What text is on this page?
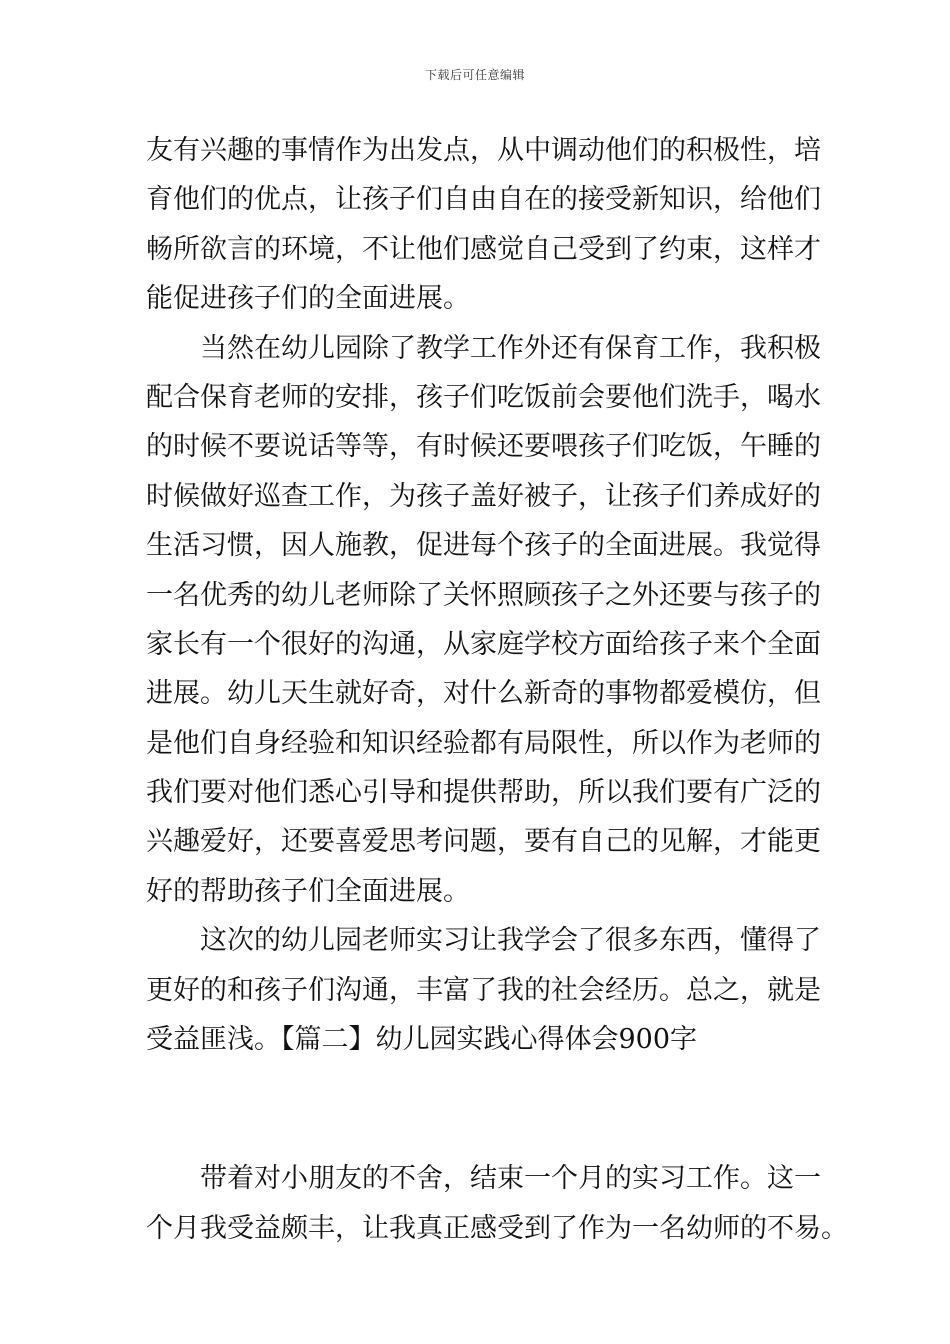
下载后可任意编辑
友有兴趣的事情作为出发点，从中调动他们的积极性，培
育他们的优点，让孩子们自由自在的接受新知识，给他们
畅所欲言的环境，不让他们感觉自己受到了约束，这样才
能促进孩子们的全面进展。
当然在幼儿园除了教学工作外还有保育工作，我积极
配合保育老师的安排，孩子们吃饭前会要他们洗手，喝水
的时候不要说话等等，有时候还要喂孩子们吃饭，午睡的
时候做好巡查工作，为孩子盖好被子，让孩子们养成好的
生活习惯，因人施教，促进每个孩子的全面进展。我觉得
一名优秀的幼儿老师除了关怀照顾孩子之外还要与孩子的
家长有一个很好的沟通，从家庭学校方面给孩子来个全面
进展。幼儿天生就好奇，对什么新奇的事物都爱模仿，但
是他们自身经验和知识经验都有局限性，所以作为老师的
我们要对他们悉心引导和提供帮助，所以我们要有广泛的
兴趣爱好，还要喜爱思考问题，要有自己的见解，才能更
好的帮助孩子们全面进展。
这次的幼儿园老师实习让我学会了很多东西，懂得了
更好的和孩子们沟通，丰富了我的社会经历。总之，就是
受益匪浅。【篇二】幼儿园实践心得体会900字
带着对小朋友的不舍，结束一个月的实习工作。这一
个月我受益颇丰，让我真正感受到了作为一名幼师的不易。
